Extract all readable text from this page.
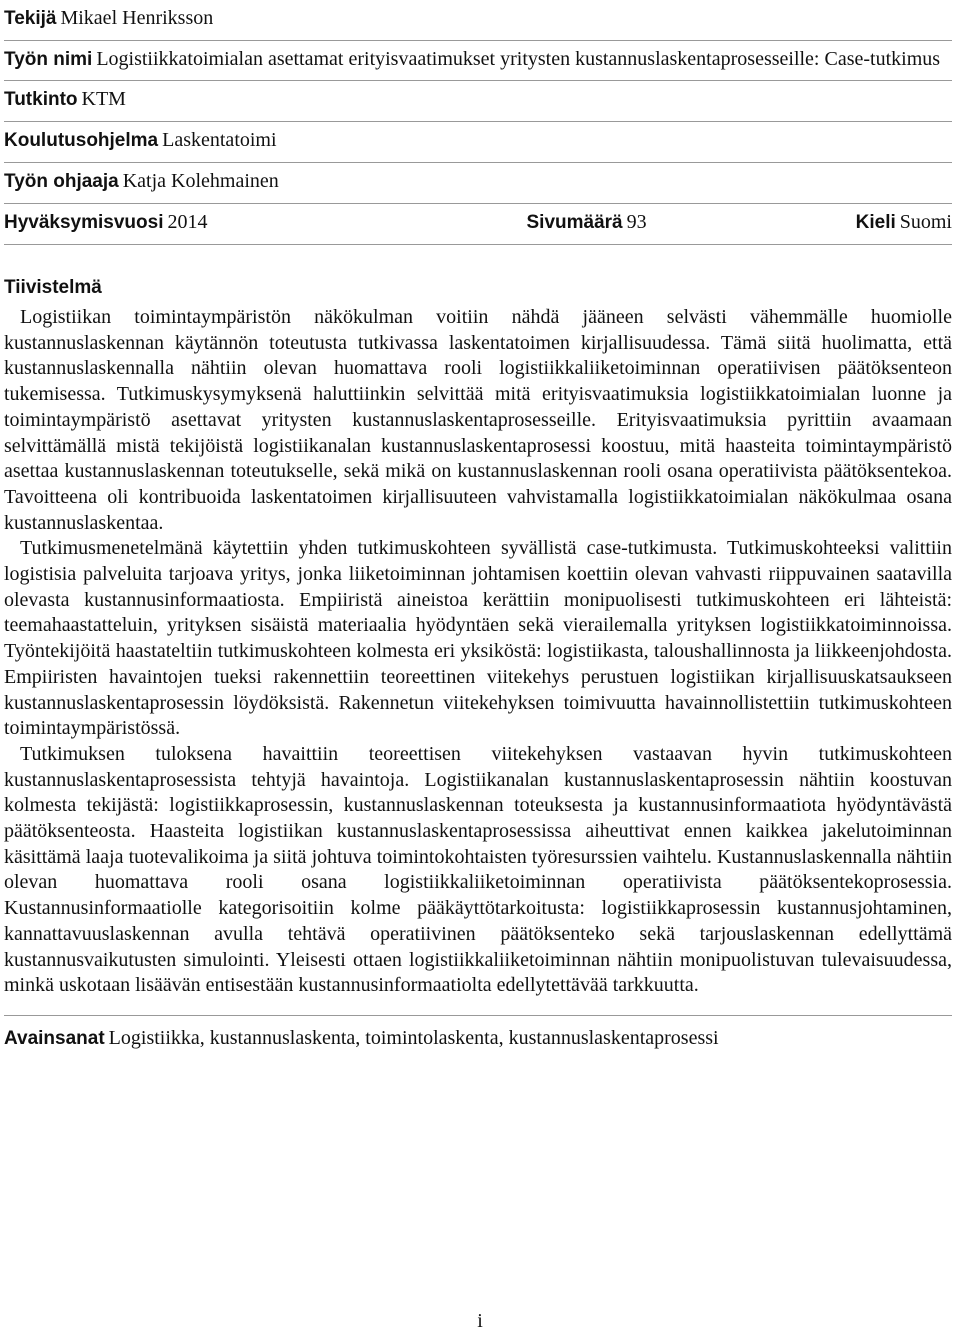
Tekijä Mikael Henriksson
Työn nimi Logistiikkatoimialan asettamat erityisvaatimukset yritysten kustannuslaskentaprosesseille: Case-tutkimus
Tutkinto KTM
Koulutusohjelma Laskentatoimi
Työn ohjaaja Katja Kolehmainen
Hyväksymisvuosi 2014	Sivumäärä 93	Kieli Suomi
Tiivistelmä

Logistiikan toimintaympäristön näkökulman voitiin nähdä jääneen selvästi vähemmälle huomiolle kustannuslaskennan käytännön toteutusta tutkivassa laskentatoimen kirjallisuudessa. Tämä siitä huolimatta, että kustannuslaskennalla nähtiin olevan huomattava rooli logistiikkaliiketoiminnan operatiivisen päätöksenteon tukemisessa. Tutkimuskysymyksenä haluttiinkin selvittää mitä erityisvaatimuksia logistiikkatoimialan luonne ja toimintaympäristö asettavat yritysten kustannuslaskentaprosesseille. Erityisvaatimuksia pyrittiin avaamaan selvittämällä mistä tekijöistä logistiikanalan kustannuslaskentaprosessi koostuu, mitä haasteita toimintaympäristö asettaa kustannuslaskennan toteutukselle, sekä mikä on kustannuslaskennan rooli osana operatiivista päätöksentekoa. Tavoitteena oli kontribuoida laskentatoimen kirjallisuuteen vahvistamalla logistiikkatoimialan näkökulmaa osana kustannuslaskentaa.

Tutkimusmenetelmänä käytettiin yhden tutkimuskohteen syvällistä case-tutkimusta. Tutkimuskohteeksi valittiin logistisia palveluita tarjoava yritys, jonka liiketoiminnan johtamisen koettiin olevan vahvasti riippuvainen saatavilla olevasta kustannusinformaatiosta. Empiiristä aineistoa kerättiin monipuolisesti tutkimuskohteen eri lähteistä: teemahaastatteluin, yrityksen sisäistä materiaalia hyödyntäen sekä vierailemalla yrityksen logistiikkatoiminnoissa. Työntekijöitä haastateltiin tutkimuskohteen kolmesta eri yksiköstä: logistiikasta, taloushallinnosta ja liikkeenjohdosta. Empiiristen havaintojen tueksi rakennettiin teoreettinen viitekehys perustuen logistiikan kirjallisuuskatsaukseen kustannuslaskentaprosessin löydöksistä. Rakennetun viitekehyksen toimivuutta havainnollistettiin tutkimuskohteen toimintaympäristössä.

Tutkimuksen tuloksena havaittiin teoreettisen viitekehyksen vastaavan hyvin tutkimuskohteen kustannuslaskentaprosessista tehtyjä havaintoja. Logistiikanalan kustannuslaskentaprosessin nähtiin koostuvan kolmesta tekijästä: logistiikkaprosessin, kustannuslaskennan toteuksesta ja kustannusinformaatiota hyödyntävästä päätöksenteosta. Haasteita logistiikan kustannuslaskentaprosessissa aiheuttivat ennen kaikkea jakelutoiminnan käsittämä laaja tuotevalikoima ja siitä johtuva toimintokohtaisten työresurssien vaihtelu. Kustannuslaskennalla nähtiin olevan huomattava rooli osana logistiikkaliiketoiminnan operatiivista päätöksentekoprosessia. Kustannusinformaatiolle kategorisoitiin kolme pääkäyttötarkoitusta: logistiikkaprosessin kustannusjohtaminen, kannattavuuslaskennan avulla tehtävä operatiivinen päätöksenteko sekä tarjouslaskennan edellyttämä kustannusvaikutusten simulointi. Yleisesti ottaen logistiikkaliiketoiminnan nähtiin monipuolistuvan tulevaisuudessa, minkä uskotaan lisäävän entisestään kustannusinformaatiolta edellytettävää tarkkuutta.

Avainsanat Logistiikka, kustannuslaskenta, toimintolaskenta, kustannuslaskentaprosessi
i
